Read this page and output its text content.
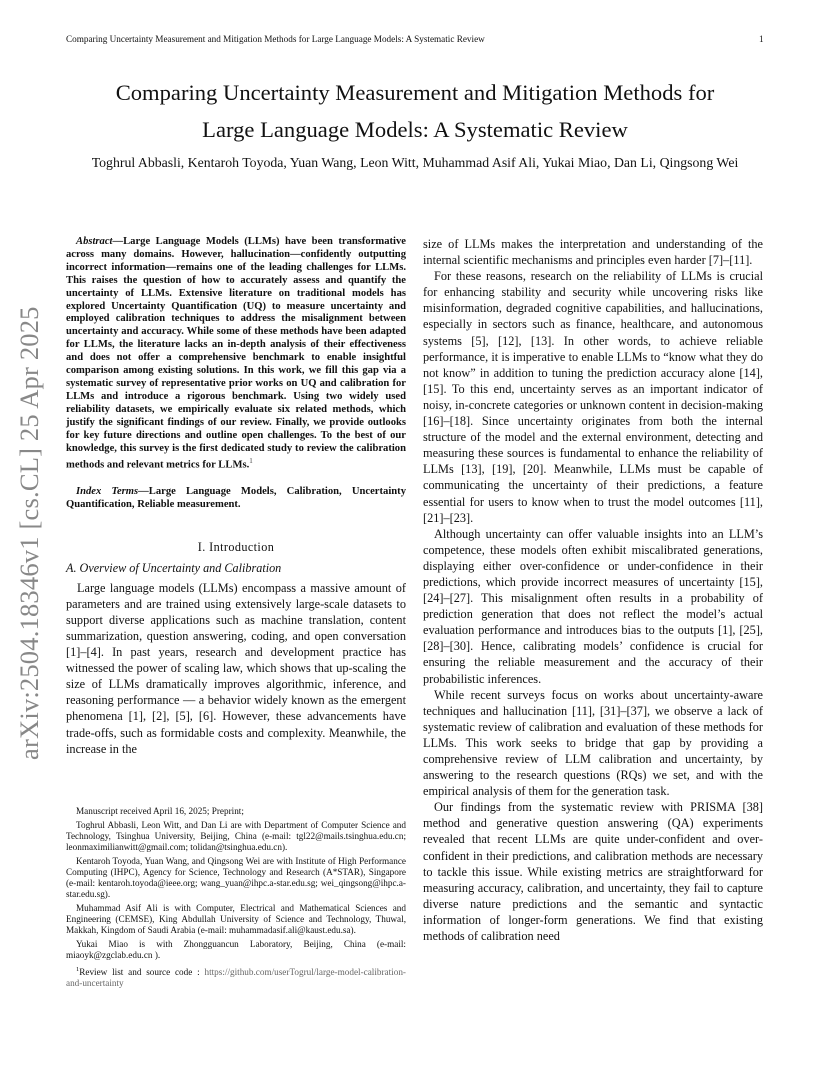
Comparing Uncertainty Measurement and Mitigation Methods for Large Language Models: A Systematic Review	1
arXiv:2504.18346v1 [cs.CL] 25 Apr 2025
Comparing Uncertainty Measurement and Mitigation Methods for
Large Language Models: A Systematic Review
Toghrul Abbasli, Kentaroh Toyoda, Yuan Wang, Leon Witt, Muhammad Asif Ali, Yukai Miao, Dan Li, Qingsong Wei

Abstract—Large Language Models (LLMs) have been transformative across many domains. However, hallucination—confidently outputting incorrect information—remains one of the leading challenges for LLMs. This raises the question of how to accurately assess and quantify the uncertainty of LLMs. Extensive literature on traditional models has explored Uncertainty Quantification (UQ) to measure uncertainty and employed calibration techniques to address the misalignment between uncertainty and accuracy. While some of these methods have been adapted for LLMs, the literature lacks an in-depth analysis of their effectiveness and does not offer a comprehensive benchmark to enable insightful comparison among existing solutions. In this work, we fill this gap via a systematic survey of representative prior works on UQ and calibration for LLMs and introduce a rigorous benchmark. Using two widely used reliability datasets, we empirically evaluate six related methods, which justify the significant findings of our review. Finally, we provide outlooks for key future directions and outline open challenges. To the best of our knowledge, this survey is the first dedicated study to review the calibration methods and relevant metrics for LLMs.$^1$

Index Terms—Large Language Models, Calibration, Uncertainty Quantification, Reliable measurement.

I. Introduction
A. Overview of Uncertainty and Calibration

Large language models (LLMs) encompass a massive amount of parameters and are trained using extensively large-scale datasets to support diverse applications such as machine translation, content summarization, question answering, coding, and open conversation [1]–[4]. In past years, research and development practice has witnessed the power of scaling law, which shows that up-scaling the size of LLMs dramatically improves algorithmic, inference, and reasoning performance — a behavior widely known as the emergent phenomena [1], [2], [5], [6]. However, these advancements have trade-offs, such as formidable costs and complexity. Meanwhile, the increase in the

size of LLMs makes the interpretation and understanding of the internal scientific mechanisms and principles even harder [7]–[11].

For these reasons, research on the reliability of LLMs is crucial for enhancing stability and security while uncovering risks like misinformation, degraded cognitive capabilities, and hallucinations, especially in sectors such as finance, healthcare, and autonomous systems [5], [12], [13]. In other words, to achieve reliable performance, it is imperative to enable LLMs to “know what they do not know” in addition to tuning the prediction accuracy alone [14], [15]. To this end, uncertainty serves as an important indicator of noisy, in-concrete categories or unknown content in decision-making [16]–[18]. Since uncertainty originates from both the internal structure of the model and the external environment, detecting and measuring these sources is fundamental to enhance the reliability of LLMs [13], [19], [20]. Meanwhile, LLMs must be capable of communicating the uncertainty of their predictions, a feature essential for users to know when to trust the model outcomes [11], [21]–[23].

Although uncertainty can offer valuable insights into an LLM’s competence, these models often exhibit miscalibrated generations, displaying either over-confidence or under-confidence in their predictions, which provide incorrect measures of uncertainty [15], [24]–[27]. This misalignment often results in a probability of prediction generation that does not reflect the model’s actual evaluation performance and introduces bias to the outputs [1], [25], [28]–[30]. Hence, calibrating models’ confidence is crucial for ensuring the reliable measurement and the accuracy of their probabilistic inferences.

While recent surveys focus on works about uncertainty-aware techniques and hallucination [11], [31]–[37], we observe a lack of systematic review of calibration and evaluation of these methods for LLMs. This work seeks to bridge that gap by providing a comprehensive review of LLM calibration and uncertainty, by answering to the research questions (RQs) we set, and with the empirical analysis of them for the generation task.

Our findings from the systematic review with PRISMA [38] method and generative question answering (QA) experiments revealed that recent LLMs are quite under-confident and over-confident in their predictions, and calibration methods are necessary to tackle this issue. While existing metrics are straightforward for measuring accuracy, calibration, and uncertainty, they fail to capture diverse nature predictions and the semantic and syntactic information of longer-form generations. We find that existing methods of calibration need

Manuscript received April 16, 2025; Preprint;

Toghrul Abbasli, Leon Witt, and Dan Li are with Department of Computer Science and Technology, Tsinghua University, Beijing, China (e-mail: tgl22@mails.tsinghua.edu.cn; leonmaximilianwitt@gmail.com; tolidan@tsinghua.edu.cn).

Kentaroh Toyoda, Yuan Wang, and Qingsong Wei are with Institute of High Performance Computing (IHPC), Agency for Science, Technology and Research (A*STAR), Singapore (e-mail: kentaroh.toyoda@ieee.org; wang_yuan@ihpc.a-star.edu.sg; wei_qingsong@ihpc.a-star.edu.sg).

Muhammad Asif Ali is with Computer, Electrical and Mathematical Sciences and Engineering (CEMSE), King Abdullah University of Science and Technology, Thuwal, Makkah, Kingdom of Saudi Arabia (e-mail: muhammadasif.ali@kaust.edu.sa).

Yukai Miao is with Zhongguancun Laboratory, Beijing, China (e-mail: miaoyk@zgclab.edu.cn ).

$^1$Review list and source code : https://github.com/userTogrul/large-model-calibration-and-uncertainty
